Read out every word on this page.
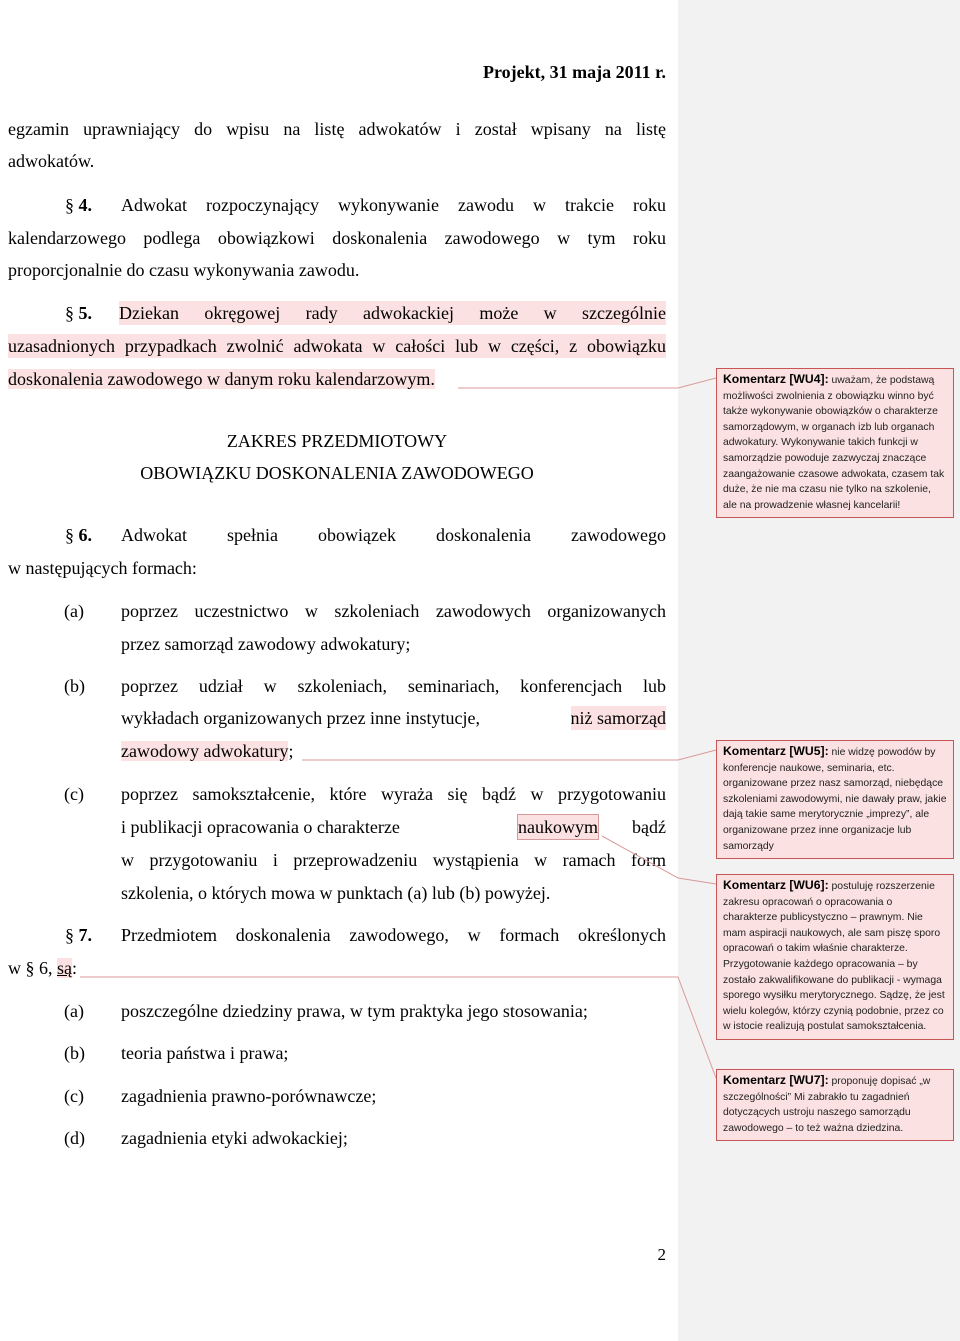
Projekt, 31 maja 2011 r.
egzamin uprawniający do wpisu na listę adwokatów i został wpisany na listę
adwokatów.
§ 4.	Adwokat rozpoczynający wykonywanie zawodu w trakcie roku
kalendarzowego podlega obowiązkowi doskonalenia zawodowego w tym roku
proporcjonalnie do czasu wykonywania zawodu.
§ 5.	Dziekan okręgowej rady adwokackiej może w szczególnie
uzasadnionych przypadkach zwolnić adwokata w całości lub w części, z obowiązku
doskonalenia zawodowego w danym roku kalendarzowym.
ZAKRES PRZEDMIOTOWY
OBOWIĄZKU DOSKONALENIA ZAWODOWEGO
§ 6.	Adwokat spełnia obowiązek doskonalenia zawodowego
w następujących formach:
(a)	poprzez uczestnictwo w szkoleniach zawodowych organizowanych
przez samorząd zawodowy adwokatury;
(b)	poprzez udział w szkoleniach, seminariach, konferencjach lub
wykładach organizowanych przez inne instytucje,	niż samorząd
zawodowy adwokatury;
(c)	poprzez samokształcenie, które wyraża się bądź w przygotowaniu
i publikacji opracowania o charakterze	naukowym bądź
w przygotowaniu i przeprowadzeniu wystąpienia w ramach form
szkolenia, o których mowa w punktach (a) lub (b) powyżej.
§ 7.	Przedmiotem doskonalenia zawodowego, w formach określonych
w § 6, są:
(a)	poszczególne dziedziny prawa, w tym praktyka jego stosowania;
(b)	teoria państwa i prawa;
(c)	zagadnienia prawno-porównawcze;
(d)	zagadnienia etyki adwokackiej;
2
Komentarz [WU4]: uważam, że podstawą możliwości zwolnienia z obowiązku winno być także wykonywanie obowiązków o charakterze samorządowym, w organach izb lub organach adwokatury. Wykonywanie takich funkcji w samorządzie powoduje zazwyczaj znaczące zaangażowanie czasowe adwokata, czasem tak duże, że nie ma czasu nie tylko na szkolenie, ale na prowadzenie własnej kancelarii!
Komentarz [WU5]: nie widzę powodów by konferencje naukowe, seminaria, etc. organizowane przez nasz samorząd, niebędące szkoleniami zawodowymi, nie dawały praw, jakie dają takie same merytorycznie „imprezy”, ale organizowane przez inne organizacje lub samorządy
Komentarz [WU6]: postuluję rozszerzenie zakresu opracowań o opracowania o charakterze publicystyczno – prawnym. Nie mam aspiracji naukowych, ale sam piszę sporo opracowań o takim właśnie charakterze. Przygotowanie każdego opracowania – by zostało zakwalifikowane do publikacji - wymaga sporego wysiłku merytorycznego. Sądzę, że jest wielu kolegów, którzy czynią podobnie, przez co w istocie realizują postulat samokształcenia.
Komentarz [WU7]: proponuję dopisać „w szczególności” Mi zabrakło tu zagadnień dotyczących ustroju naszego samorządu zawodowego – to też ważna dziedzina.
